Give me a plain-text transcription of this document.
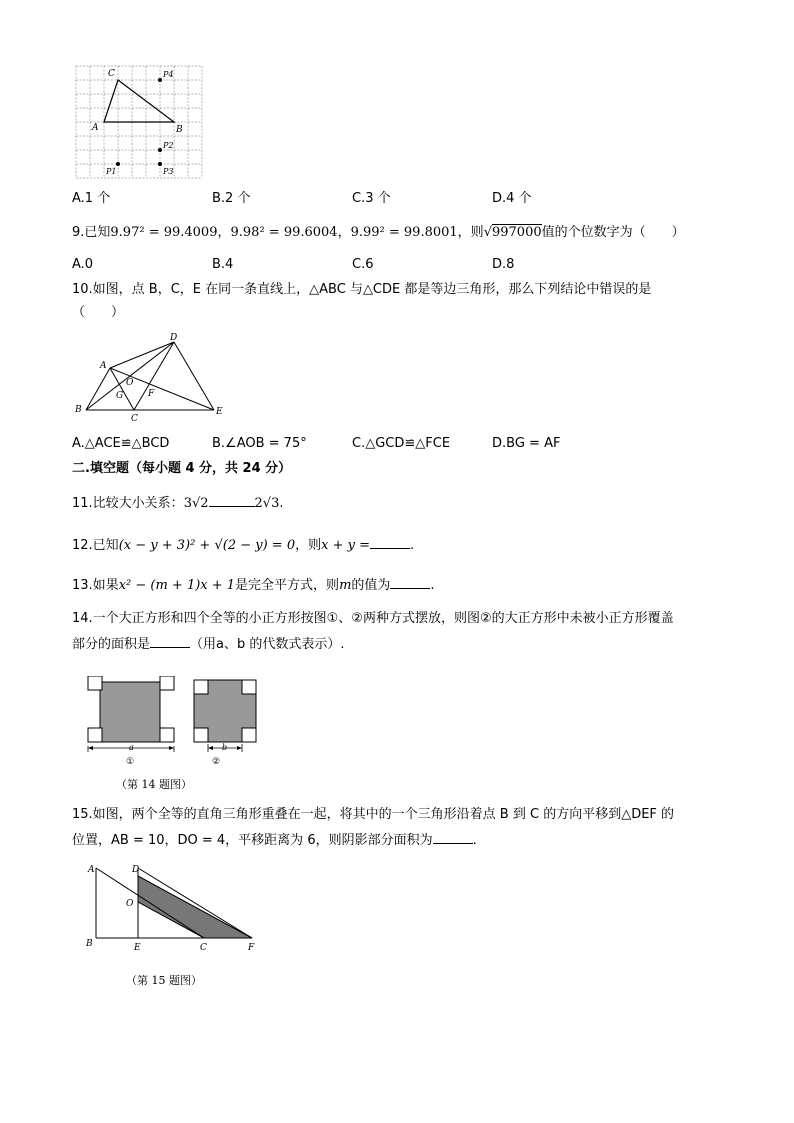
C
A	B
P4
P2
P1	P3
A.1 个	B.2 个	C.3 个	D.4 个
9.已知9.97² = 99.4009，9.98² = 99.6004，9.99² = 99.8001，则√997000值的个位数字为（　　）
A.0	B.4	C.6	D.8
10.如图，点 B，C，E 在同一条直线上，△ABC 与△CDE 都是等边三角形，那么下列结论中错误的是
（　　）
D
A
O
G	F
B
C
E
A.△ACE≌△BCD	B.∠AOB = 75°	C.△GCD≌△FCE	D.BG = AF
二.填空题（每小题 4 分，共 24 分）
11.比较大小关系：3√2	2√3.
12.已知(x − y + 3)² + √(2 − y) = 0，则x + y =	.
13.如果x² − (m + 1)x + 1是完全平方式，则m的值为	.
14.一个大正方形和四个全等的小正方形按图①、②两种方式摆放，则图②的大正方形中未被小正方形覆盖
部分的面积是	（用a、b 的代数式表示）.
a
①
b
②
（第 14 题图）
15.如图，两个全等的直角三角形重叠在一起，将其中的一个三角形沿着点 B 到 C 的方向平移到△DEF 的
位置，AB = 10，DO = 4，平移距离为 6，则阴影部分面积为	.
A	D
O
B	E	C	F
（第 15 题图）
